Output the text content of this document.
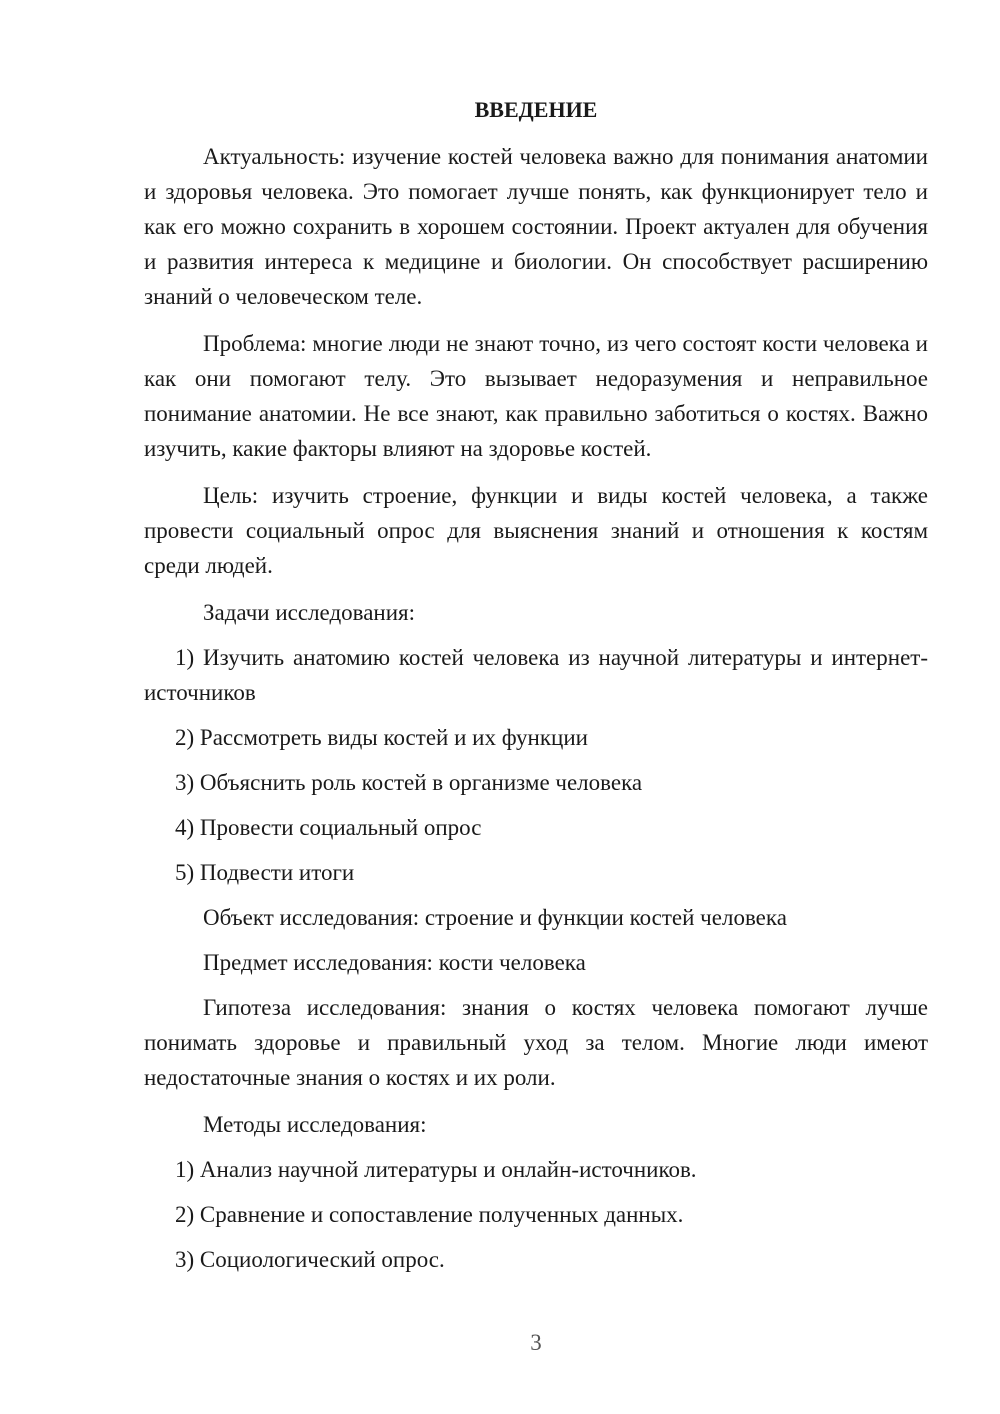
ВВЕДЕНИЕ

Актуальность: изучение костей человека важно для понимания анатомии и здоровья человека. Это помогает лучше понять, как функционирует тело и как его можно сохранить в хорошем состоянии. Проект актуален для обучения и развития интереса к медицине и биологии. Он способствует расширению знаний о человеческом теле.

Проблема: многие люди не знают точно, из чего состоят кости человека и как они помогают телу. Это вызывает недоразумения и неправильное понимание анатомии. Не все знают, как правильно заботиться о костях. Важно изучить, какие факторы влияют на здоровье костей.

Цель: изучить строение, функции и виды костей человека, а также провести социальный опрос для выяснения знаний и отношения к костям среди людей.

Задачи исследования:

1) Изучить анатомию костей человека из научной литературы и интернет-источников

2) Рассмотреть виды костей и их функции

3) Объяснить роль костей в организме человека

4) Провести социальный опрос

5) Подвести итоги

Объект исследования: строение и функции костей человека

Предмет исследования: кости человека

Гипотеза исследования: знания о костях человека помогают лучше понимать здоровье и правильный уход за телом. Многие люди имеют недостаточные знания о костях и их роли.

Методы исследования:

1) Анализ научной литературы и онлайн-источников.

2) Сравнение и сопоставление полученных данных.

3) Социологический опрос.

3
